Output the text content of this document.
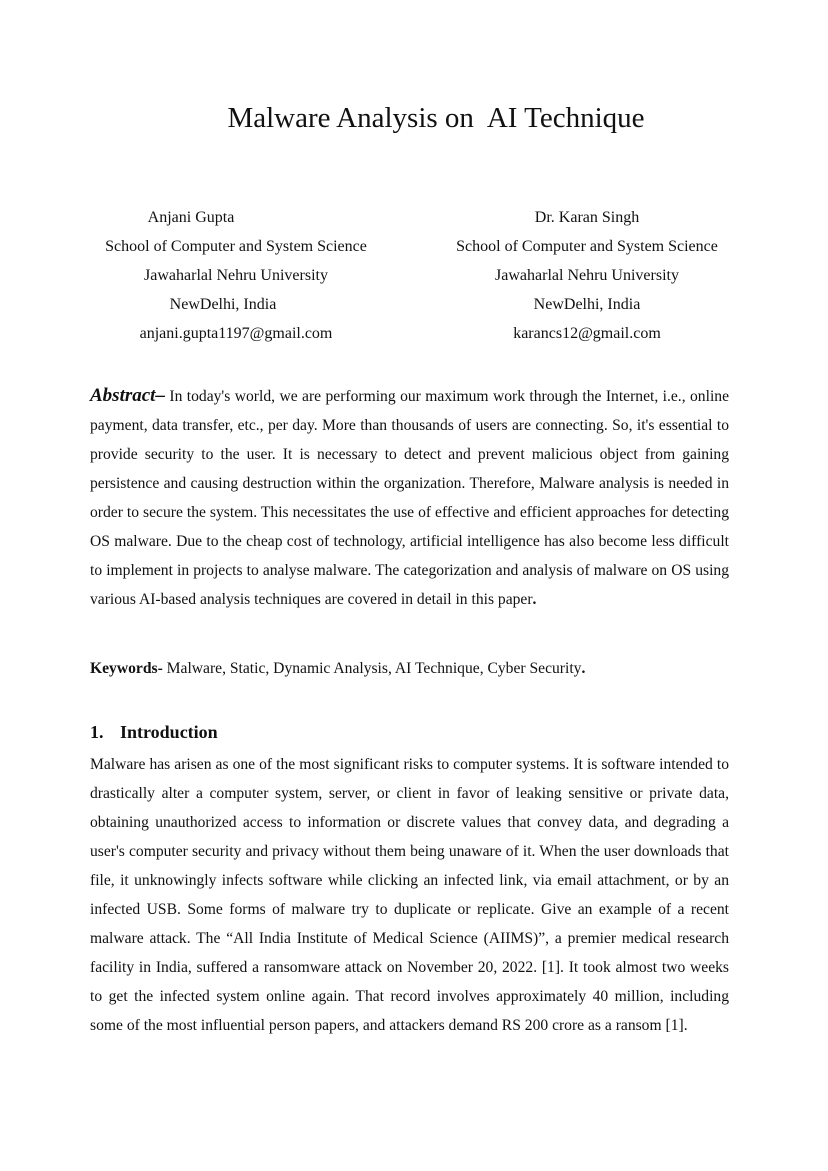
Malware Analysis on  AI Technique
Anjani Gupta
School of Computer and System Science
Jawaharlal Nehru University
NewDelhi, India
anjani.gupta1197@gmail.com
Dr. Karan Singh
School of Computer and System Science
Jawaharlal Nehru University
NewDelhi, India
karancs12@gmail.com

Abstract– In today's world, we are performing our maximum work through the Internet, i.e., online payment, data transfer, etc., per day. More than thousands of users are connecting. So, it's essential to provide security to the user. It is necessary to detect and prevent malicious object from gaining persistence and causing destruction within the organization. Therefore, Malware analysis is needed in order to secure the system. This necessitates the use of effective and efficient approaches for detecting OS malware. Due to the cheap cost of technology, artificial intelligence has also become less difficult to implement in projects to analyse malware. The categorization and analysis of malware on OS using various AI-based analysis techniques are covered in detail in this paper.

Keywords- Malware, Static, Dynamic Analysis, AI Technique, Cyber Security.

1. Introduction

Malware has arisen as one of the most significant risks to computer systems. It is software intended to drastically alter a computer system, server, or client in favor of leaking sensitive or private data, obtaining unauthorized access to information or discrete values that convey data, and degrading a user's computer security and privacy without them being unaware of it. When the user downloads that file, it unknowingly infects software while clicking an infected link, via email attachment, or by an infected USB. Some forms of malware try to duplicate or replicate. Give an example of a recent malware attack. The “All India Institute of Medical Science (AIIMS)”, a premier medical research facility in India, suffered a ransomware attack on November 20, 2022. [1]. It took almost two weeks to get the infected system online again. That record involves approximately 40 million, including some of the most influential person papers, and attackers demand RS 200 crore as a ransom [1].
